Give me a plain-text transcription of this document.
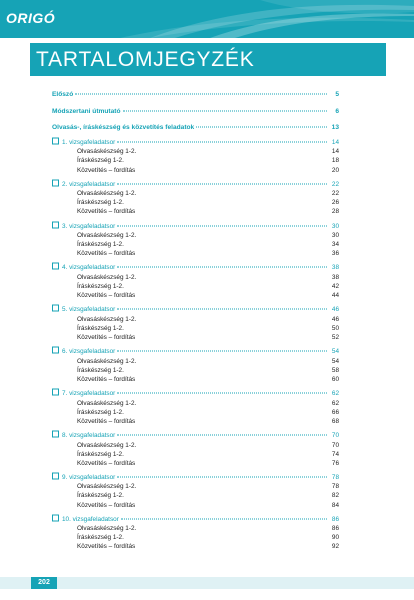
ORIGÓ
TARTALOMJEGYZÉK
Előszó	5
Módszertani útmutató	6
Olvasás-, íráskészség és közvetítés feladatok	13
1. vizsgafeladatsor	14
Olvasáskészség 1-2.	14
Íráskészség 1-2.	18
Közvetítés – fordítás	20
2. vizsgafeladatsor	22
Olvasáskészség 1-2.	22
Íráskészség 1-2.	26
Közvetítés – fordítás	28
3. vizsgafeladatsor	30
Olvasáskészség 1-2.	30
Íráskészség 1-2.	34
Közvetítés – fordítás	36
4. vizsgafeladatsor	38
Olvasáskészség 1-2.	38
Íráskészség 1-2.	42
Közvetítés – fordítás	44
5. vizsgafeladatsor	46
Olvasáskészség 1-2.	46
Íráskészség 1-2.	50
Közvetítés – fordítás	52
6. vizsgafeladatsor	54
Olvasáskészség 1-2.	54
Íráskészség 1-2.	58
Közvetítés – fordítás	60
7. vizsgafeladatsor	62
Olvasáskészség 1-2.	62
Íráskészség 1-2.	66
Közvetítés – fordítás	68
8. vizsgafeladatsor	70
Olvasáskészség 1-2.	70
Íráskészség 1-2.	74
Közvetítés – fordítás	76
9. vizsgafeladatsor	78
Olvasáskészség 1-2.	78
Íráskészség 1-2.	82
Közvetítés – fordítás	84
10. vizsgafeladatsor	86
Olvasáskészség 1-2.	86
Íráskészség 1-2.	90
Közvetítés – fordítás	92
202
